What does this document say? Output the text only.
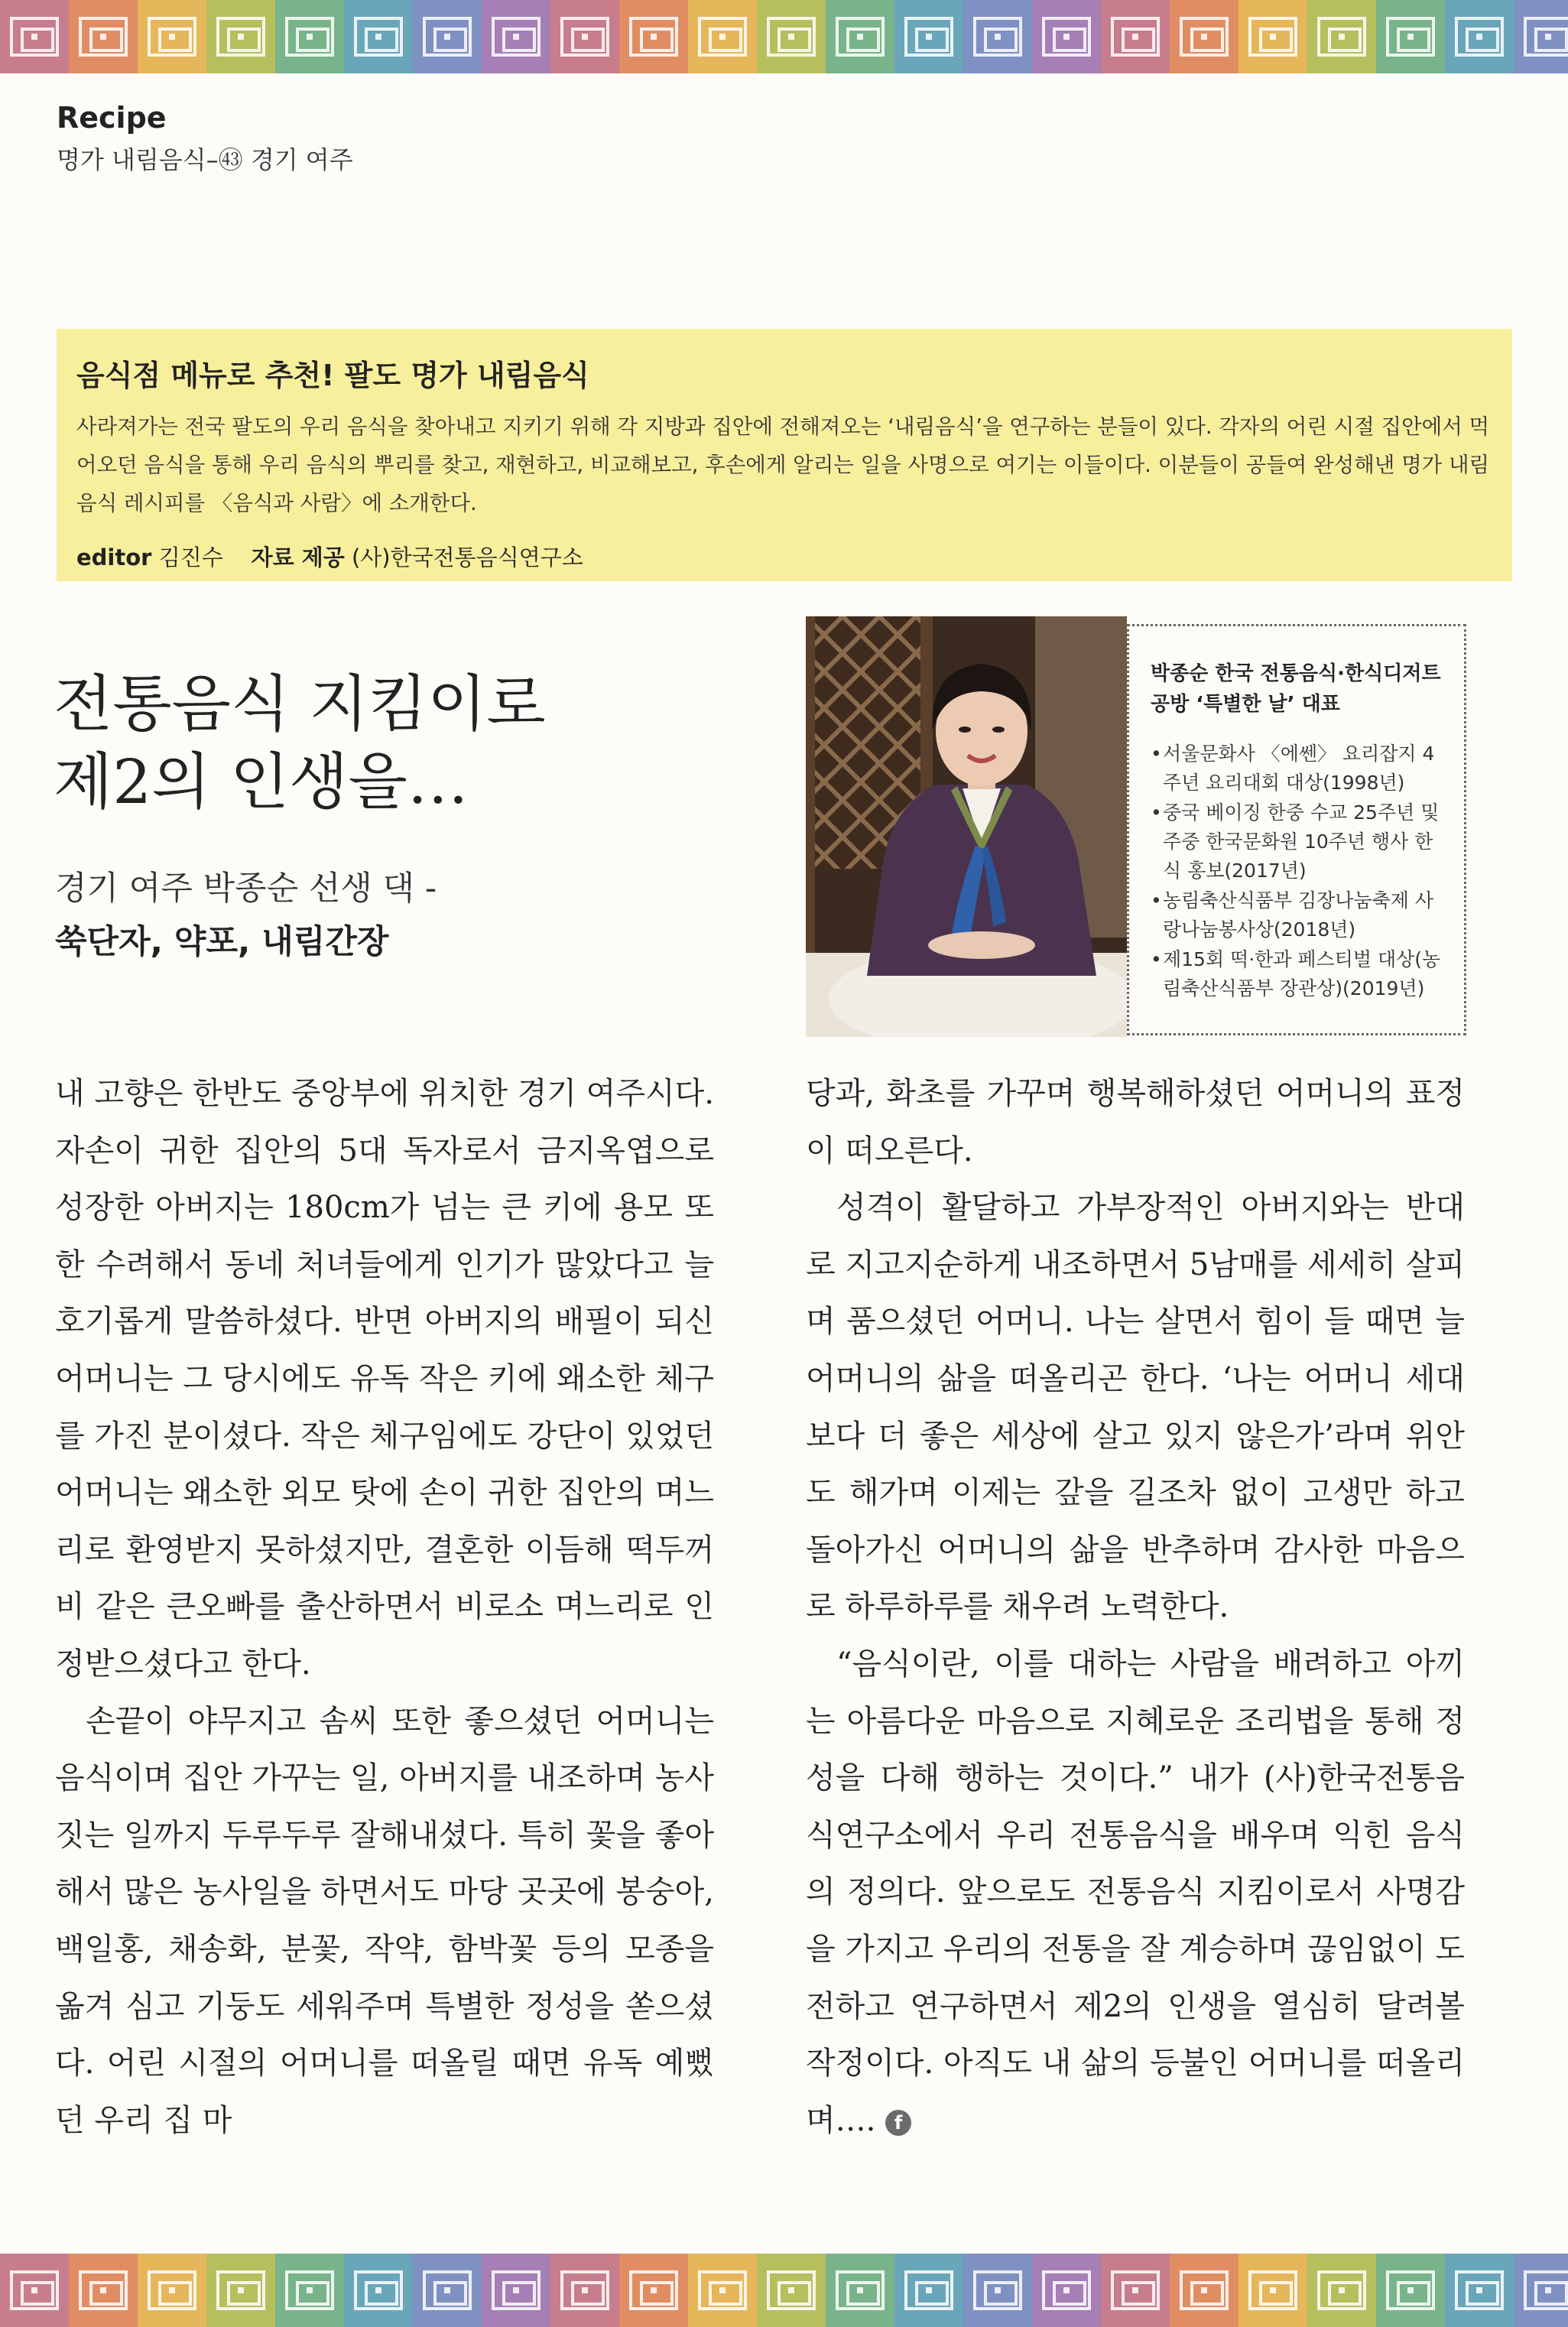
Recipe
명가 내림음식–㊸ 경기 여주
음식점 메뉴로 추천! 팔도 명가 내림음식

사라져가는 전국 팔도의 우리 음식을 찾아내고 지키기 위해 각 지방과 집안에 전해져오는 ‘내림음식’을 연구하는 분들이 있다. 각자의 어린 시절 집안에서 먹어오던 음식을 통해 우리 음식의 뿌리를 찾고, 재현하고, 비교해보고, 후손에게 알리는 일을 사명으로 여기는 이들이다. 이분들이 공들여 완성해낸 명가 내림음식 레시피를 〈음식과 사람〉에 소개한다.

editor 김진수 자료 제공 (사)한국전통음식연구소
전통음식 지킴이로
제2의 인생을…
경기 여주 박종순 선생 댁 -
쑥단자, 약포, 내림간장
박종순 한국 전통음식·한식디저트 공방 ‘특별한 날’ 대표
• 서울문화사 〈에쎈〉 요리잡지 4주년 요리대회 대상(1998년)
• 중국 베이징 한중 수교 25주년 및 주중 한국문화원 10주년 행사 한식 홍보(2017년)
• 농림축산식품부 김장나눔축제 사랑나눔봉사상(2018년)
• 제15회 떡·한과 페스티벌 대상(농림축산식품부 장관상)(2019년)

내 고향은 한반도 중앙부에 위치한 경기 여주시다. 자손이 귀한 집안의 5대 독자로서 금지옥엽으로 성장한 아버지는 180cm가 넘는 큰 키에 용모 또한 수려해서 동네 처녀들에게 인기가 많았다고 늘 호기롭게 말씀하셨다. 반면 아버지의 배필이 되신 어머니는 그 당시에도 유독 작은 키에 왜소한 체구를 가진 분이셨다. 작은 체구임에도 강단이 있었던 어머니는 왜소한 외모 탓에 손이 귀한 집안의 며느리로 환영받지 못하셨지만, 결혼한 이듬해 떡두꺼비 같은 큰오빠를 출산하면서 비로소 며느리로 인정받으셨다고 한다.

손끝이 야무지고 솜씨 또한 좋으셨던 어머니는 음식이며 집안 가꾸는 일, 아버지를 내조하며 농사짓는 일까지 두루두루 잘해내셨다. 특히 꽃을 좋아해서 많은 농사일을 하면서도 마당 곳곳에 봉숭아, 백일홍, 채송화, 분꽃, 작약, 함박꽃 등의 모종을 옮겨 심고 기둥도 세워주며 특별한 정성을 쏟으셨다. 어린 시절의 어머니를 떠올릴 때면 유독 예뻤던 우리 집 마

당과, 화초를 가꾸며 행복해하셨던 어머니의 표정이 떠오른다.

성격이 활달하고 가부장적인 아버지와는 반대로 지고지순하게 내조하면서 5남매를 세세히 살피며 품으셨던 어머니. 나는 살면서 힘이 들 때면 늘 어머니의 삶을 떠올리곤 한다. ‘나는 어머니 세대보다 더 좋은 세상에 살고 있지 않은가’라며 위안도 해가며 이제는 갚을 길조차 없이 고생만 하고 돌아가신 어머니의 삶을 반추하며 감사한 마음으로 하루하루를 채우려 노력한다.

“음식이란, 이를 대하는 사람을 배려하고 아끼는 아름다운 마음으로 지혜로운 조리법을 통해 정성을 다해 행하는 것이다.” 내가 (사)한국전통음식연구소에서 우리 전통음식을 배우며 익힌 음식의 정의다. 앞으로도 전통음식 지킴이로서 사명감을 가지고 우리의 전통을 잘 계승하며 끊임없이 도전하고 연구하면서 제2의 인생을 열심히 달려볼 작정이다. 아직도 내 삶의 등불인 어머니를 떠올리며…. f
